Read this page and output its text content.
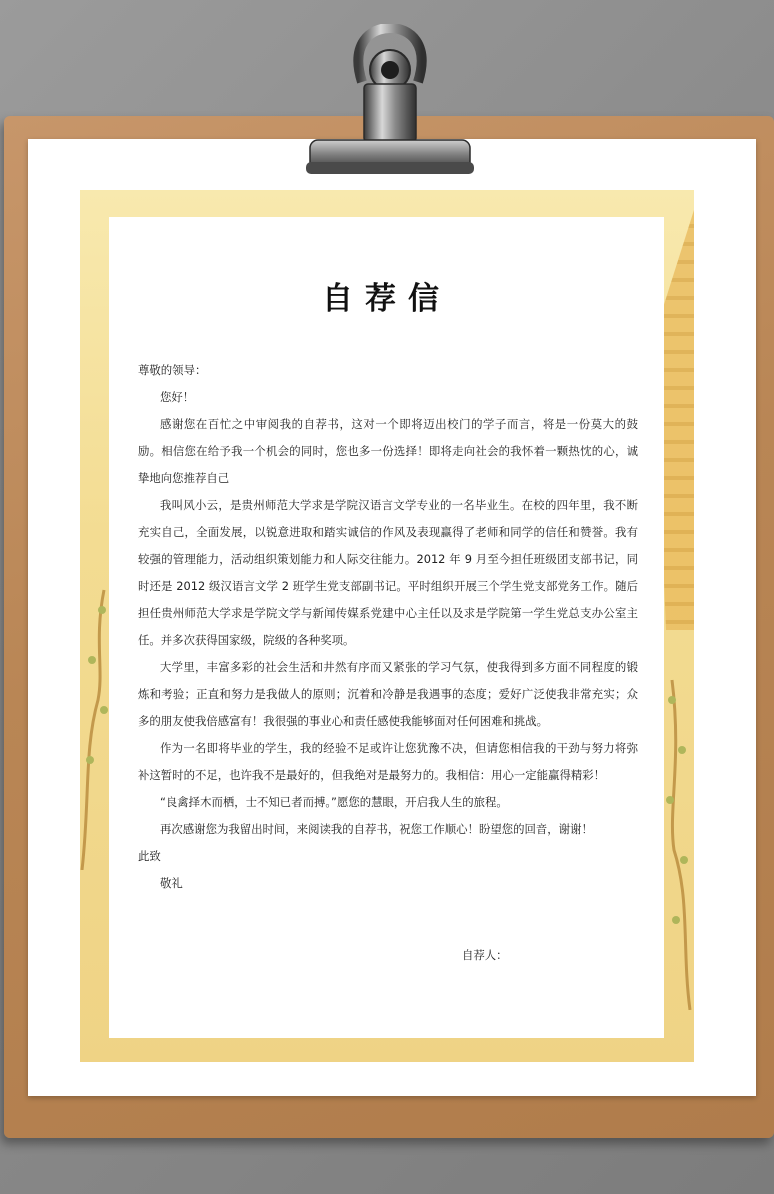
自荐信

尊敬的领导：

您好！

感谢您在百忙之中审阅我的自荐书，这对一个即将迈出校门的学子而言，将是一份莫大的鼓励。相信您在给予我一个机会的同时，您也多一份选择！即将走向社会的我怀着一颗热忱的心，诚挚地向您推荐自己

我叫风小云，是贵州师范大学求是学院汉语言文学专业的一名毕业生。在校的四年里，我不断充实自己，全面发展，以锐意进取和踏实诚信的作风及表现赢得了老师和同学的信任和赞誉。我有较强的管理能力，活动组织策划能力和人际交往能力。2012 年 9 月至今担任班级团支部书记，同时还是 2012 级汉语言文学 2 班学生党支部副书记。平时组织开展三个学生党支部党务工作。随后担任贵州师范大学求是学院文学与新闻传媒系党建中心主任以及求是学院第一学生党总支办公室主任。并多次获得国家级，院级的各种奖项。

大学里，丰富多彩的社会生活和井然有序而又紧张的学习气氛，使我得到多方面不同程度的锻炼和考验；正直和努力是我做人的原则；沉着和冷静是我遇事的态度；爱好广泛使我非常充实；众多的朋友使我倍感富有！我很强的事业心和责任感使我能够面对任何困难和挑战。

作为一名即将毕业的学生，我的经验不足或许让您犹豫不决，但请您相信我的干劲与努力将弥补这暂时的不足，也许我不是最好的，但我绝对是最努力的。我相信：用心一定能赢得精彩！

“良禽择木而栖，士不知已者而搏。”愿您的慧眼，开启我人生的旅程。

再次感谢您为我留出时间，来阅读我的自荐书，祝您工作顺心！盼望您的回音，谢谢！

此致

敬礼

自荐人：
